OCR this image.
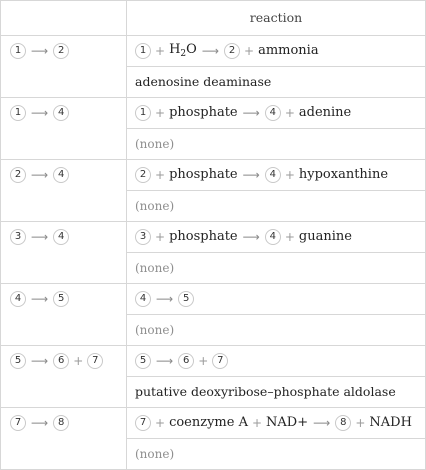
reaction
1 ⟶ 2	$1 + H_2O$ ⟶ 2 + ammonia
adenosine deaminase
1 ⟶ 4	1 + phosphate ⟶ 4 + adenine
(none)
2 ⟶ 4	2 + phosphate ⟶ 4 + hypoxanthine
(none)
3 ⟶ 4	3 + phosphate ⟶ 4 + guanine
(none)
4 ⟶ 5	4 ⟶ 5
(none)
5 ⟶ 6 + 7	5 ⟶ 6 + 7
putative deoxyribose–phosphate aldolase
7 ⟶ 8	7 + coenzyme A + NAD+ ⟶ 8 + NADH
(none)
